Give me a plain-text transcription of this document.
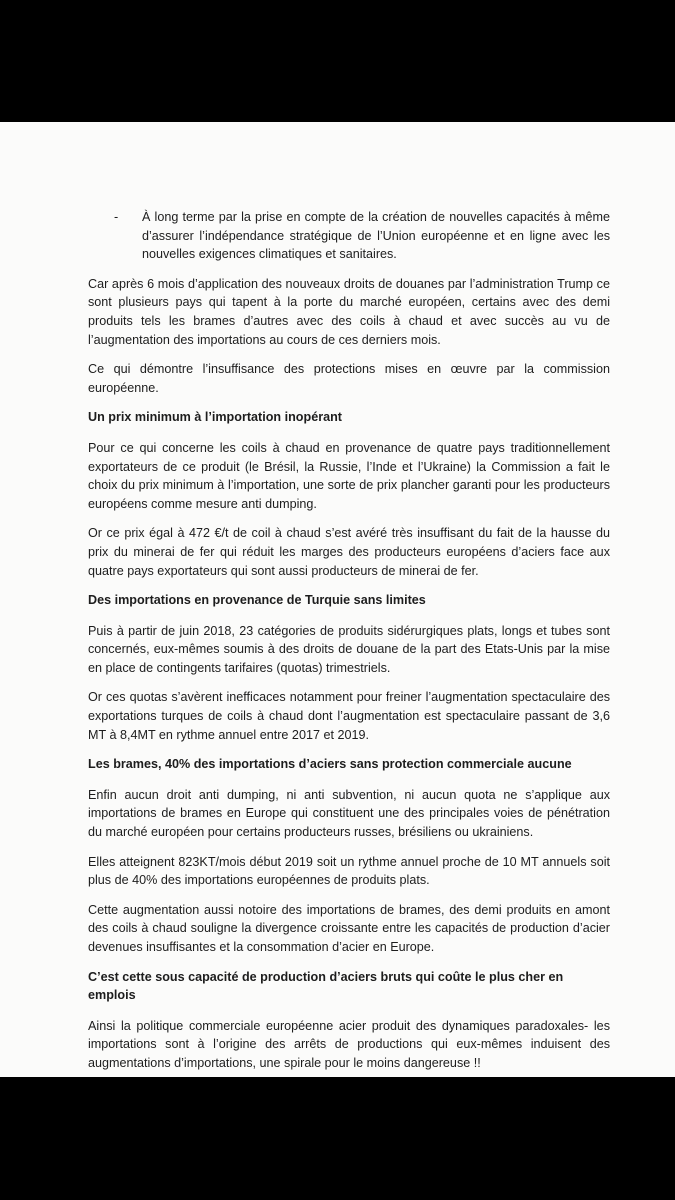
-	À long terme par la prise en compte de la création de nouvelles capacités à même d’assurer l’indépendance stratégique de l’Union européenne et en ligne avec les nouvelles exigences climatiques et sanitaires.

Car après 6 mois d’application des nouveaux droits de douanes par l’administration Trump ce sont plusieurs pays qui tapent à la porte du marché européen, certains avec des demi produits tels les brames d’autres avec des coils à chaud et avec succès au vu de l’augmentation des importations au cours de ces derniers mois.

Ce qui démontre l’insuffisance des protections mises en œuvre par la commission européenne.

Un prix minimum à l’importation inopérant

Pour ce qui concerne les coils à chaud en provenance de quatre pays traditionnellement exportateurs de ce produit (le Brésil, la Russie, l’Inde et l’Ukraine) la Commission a fait le choix du prix minimum à l’importation, une sorte de prix plancher garanti pour les producteurs européens comme mesure anti dumping.

Or ce prix égal à 472 €/t de coil à chaud s’est avéré très insuffisant du fait de la hausse du prix du minerai de fer qui réduit les marges des producteurs européens d’aciers face aux quatre pays exportateurs qui sont aussi producteurs de minerai de fer.

Des importations en provenance de Turquie sans limites

Puis à partir de juin 2018, 23 catégories de produits sidérurgiques plats, longs et tubes sont concernés, eux-mêmes soumis à des droits de douane de la part des Etats-Unis par la mise en place de contingents tarifaires (quotas) trimestriels.

Or ces quotas s’avèrent inefficaces notamment pour freiner l’augmentation spectaculaire des exportations turques de coils à chaud dont l’augmentation est spectaculaire passant de 3,6 MT à 8,4MT en rythme annuel entre 2017 et 2019.

Les brames, 40% des importations d’aciers sans protection commerciale aucune

Enfin aucun droit anti dumping, ni anti subvention, ni aucun quota ne s’applique aux importations de brames en Europe qui constituent une des principales voies de pénétration du marché européen pour certains producteurs russes, brésiliens ou ukrainiens.

Elles atteignent 823KT/mois début 2019 soit un rythme annuel proche de 10 MT annuels soit plus de 40% des importations européennes de produits plats.

Cette augmentation aussi notoire des importations de brames, des demi produits en amont des coils à chaud souligne la divergence croissante entre les capacités de production d’acier devenues insuffisantes et la consommation d’acier en Europe.

C’est cette sous capacité de production d’aciers bruts qui coûte le plus cher en emplois

Ainsi la politique commerciale européenne acier produit des dynamiques paradoxales- les importations sont à l’origine des arrêts de productions qui eux-mêmes induisent des augmentations d’importations, une spirale pour le moins dangereuse !!
